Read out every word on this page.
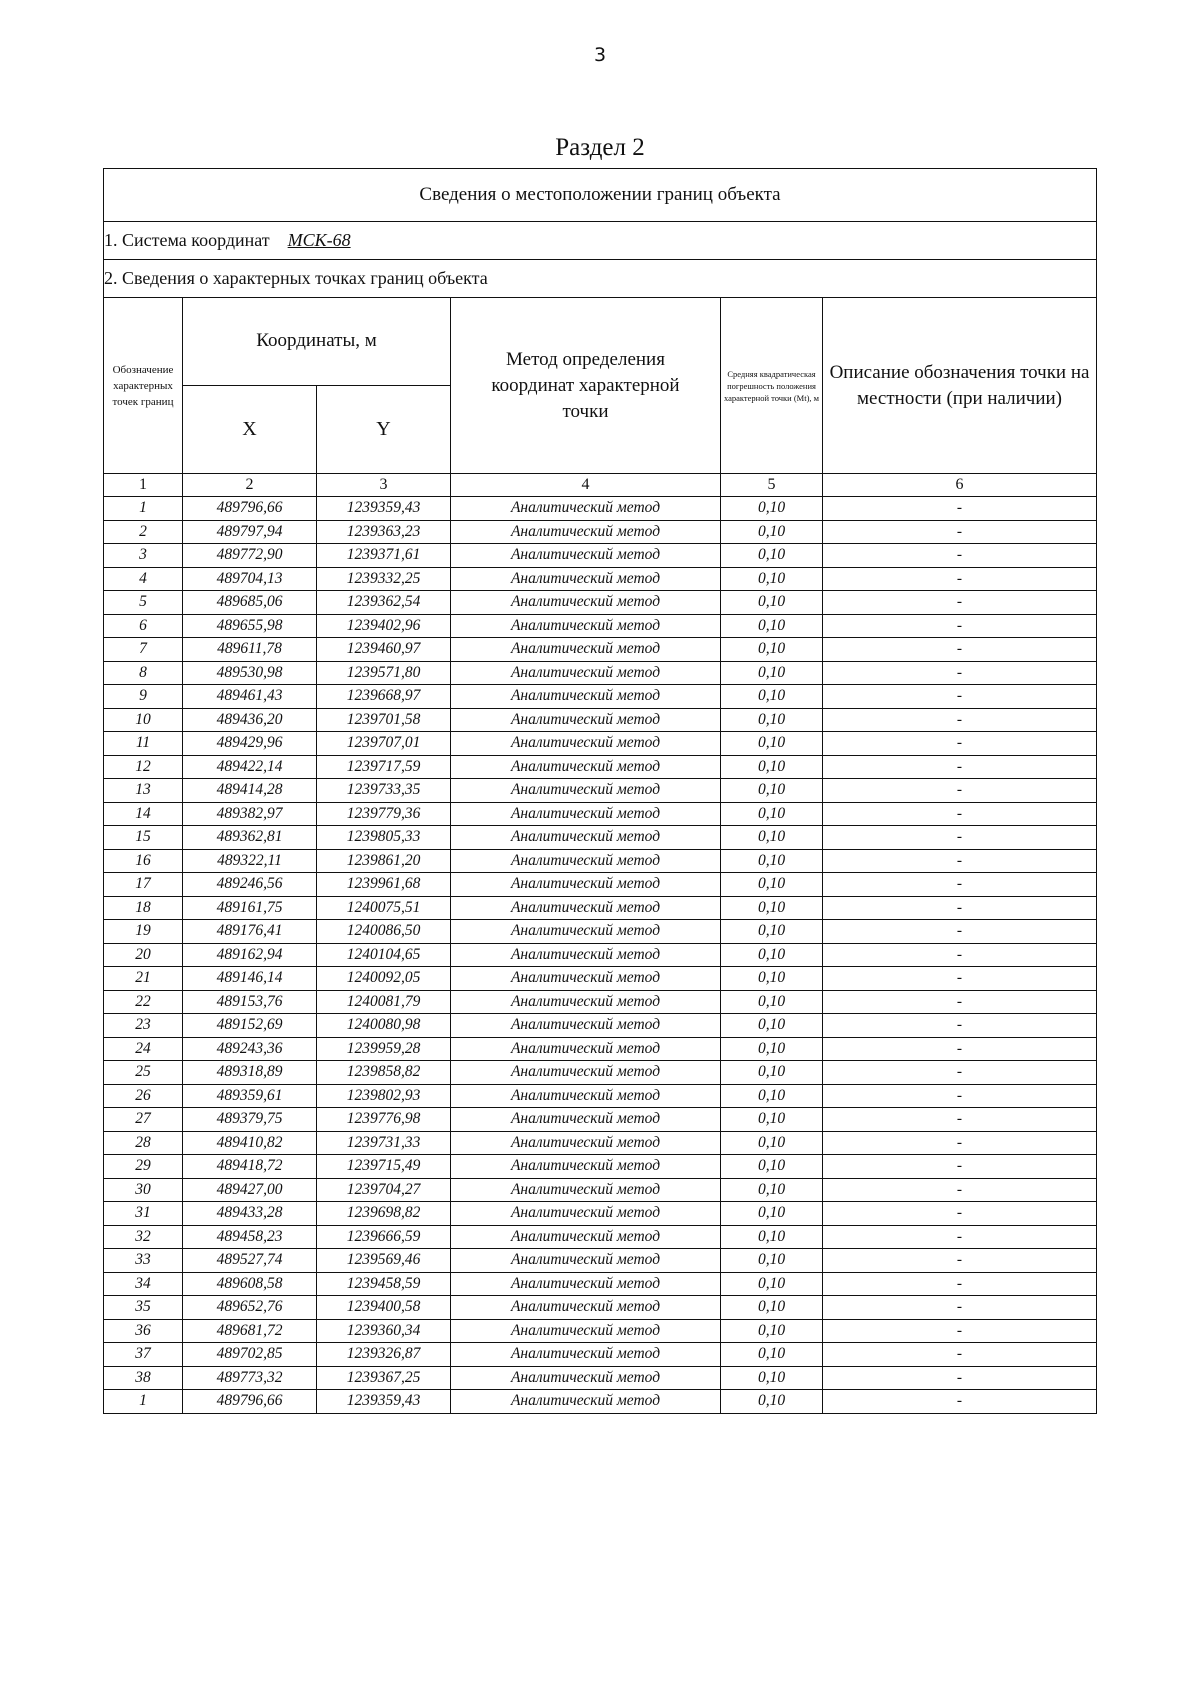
3
Раздел 2
Сведения о местоположении границ объекта					
1. Система координат МСК-68					
2. Сведения о характерных точках границ объекта					
Обозначение характерных точек границ	Координаты, м		Метод определения координат характерной точки	Средняя квадратическая погрешность положения характерной точки (Mt), м	Описание обозначения точки на местности (при наличии)
	X	Y			
1	2	3	4	5	6
1	489796,66	1239359,43	Аналитический метод	0,10	-
2	489797,94	1239363,23	Аналитический метод	0,10	-
3	489772,90	1239371,61	Аналитический метод	0,10	-
4	489704,13	1239332,25	Аналитический метод	0,10	-
5	489685,06	1239362,54	Аналитический метод	0,10	-
6	489655,98	1239402,96	Аналитический метод	0,10	-
7	489611,78	1239460,97	Аналитический метод	0,10	-
8	489530,98	1239571,80	Аналитический метод	0,10	-
9	489461,43	1239668,97	Аналитический метод	0,10	-
10	489436,20	1239701,58	Аналитический метод	0,10	-
11	489429,96	1239707,01	Аналитический метод	0,10	-
12	489422,14	1239717,59	Аналитический метод	0,10	-
13	489414,28	1239733,35	Аналитический метод	0,10	-
14	489382,97	1239779,36	Аналитический метод	0,10	-
15	489362,81	1239805,33	Аналитический метод	0,10	-
16	489322,11	1239861,20	Аналитический метод	0,10	-
17	489246,56	1239961,68	Аналитический метод	0,10	-
18	489161,75	1240075,51	Аналитический метод	0,10	-
19	489176,41	1240086,50	Аналитический метод	0,10	-
20	489162,94	1240104,65	Аналитический метод	0,10	-
21	489146,14	1240092,05	Аналитический метод	0,10	-
22	489153,76	1240081,79	Аналитический метод	0,10	-
23	489152,69	1240080,98	Аналитический метод	0,10	-
24	489243,36	1239959,28	Аналитический метод	0,10	-
25	489318,89	1239858,82	Аналитический метод	0,10	-
26	489359,61	1239802,93	Аналитический метод	0,10	-
27	489379,75	1239776,98	Аналитический метод	0,10	-
28	489410,82	1239731,33	Аналитический метод	0,10	-
29	489418,72	1239715,49	Аналитический метод	0,10	-
30	489427,00	1239704,27	Аналитический метод	0,10	-
31	489433,28	1239698,82	Аналитический метод	0,10	-
32	489458,23	1239666,59	Аналитический метод	0,10	-
33	489527,74	1239569,46	Аналитический метод	0,10	-
34	489608,58	1239458,59	Аналитический метод	0,10	-
35	489652,76	1239400,58	Аналитический метод	0,10	-
36	489681,72	1239360,34	Аналитический метод	0,10	-
37	489702,85	1239326,87	Аналитический метод	0,10	-
38	489773,32	1239367,25	Аналитический метод	0,10	-
1	489796,66	1239359,43	Аналитический метод	0,10	-
